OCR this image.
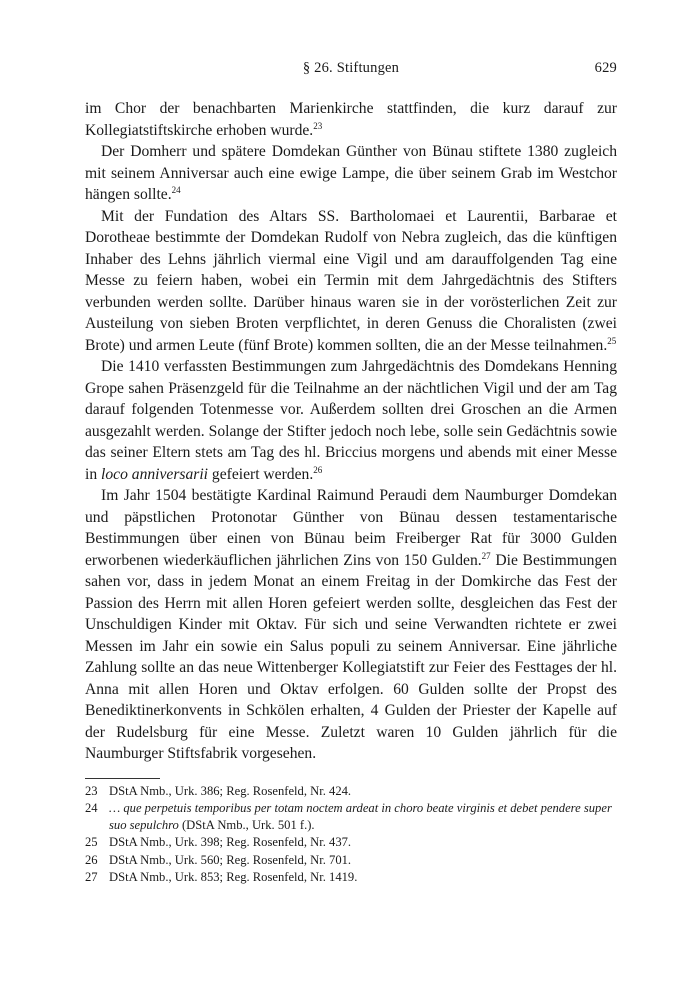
§ 26. Stiftungen	629

im Chor der benachbarten Marienkirche stattfinden, die kurz darauf zur Kollegiatstiftskirche erhoben wurde.$^{23}$

Der Domherr und spätere Domdekan Günther von Bünau stiftete 1380 zugleich mit seinem Anniversar auch eine ewige Lampe, die über seinem Grab im Westchor hängen sollte.$^{24}$

Mit der Fundation des Altars SS. Bartholomaei et Laurentii, Barbarae et Dorotheae bestimmte der Domdekan Rudolf von Nebra zugleich, das die künftigen Inhaber des Lehns jährlich viermal eine Vigil und am darauffolgenden Tag eine Messe zu feiern haben, wobei ein Termin mit dem Jahrgedächtnis des Stifters verbunden werden sollte. Darüber hinaus waren sie in der vorösterlichen Zeit zur Austeilung von sieben Broten verpflichtet, in deren Genuss die Choralisten (zwei Brote) und armen Leute (fünf Brote) kommen sollten, die an der Messe teilnahmen.$^{25}$

Die 1410 verfassten Bestimmungen zum Jahrgedächtnis des Domdekans Henning Grope sahen Präsenzgeld für die Teilnahme an der nächtlichen Vigil und der am Tag darauf folgenden Totenmesse vor. Außerdem sollten drei Groschen an die Armen ausgezahlt werden. Solange der Stifter jedoch noch lebe, solle sein Gedächtnis sowie das seiner Eltern stets am Tag des hl. Briccius morgens und abends mit einer Messe in loco anniversarii gefeiert werden.$^{26}$

Im Jahr 1504 bestätigte Kardinal Raimund Peraudi dem Naumburger Domdekan und päpstlichen Protonotar Günther von Bünau dessen testamentarische Bestimmungen über einen von Bünau beim Freiberger Rat für 3000 Gulden erworbenen wiederkäuflichen jährlichen Zins von 150 Gulden.$^{27}$ Die Bestimmungen sahen vor, dass in jedem Monat an einem Freitag in der Domkirche das Fest der Passion des Herrn mit allen Horen gefeiert werden sollte, desgleichen das Fest der Unschuldigen Kinder mit Oktav. Für sich und seine Verwandten richtete er zwei Messen im Jahr ein sowie ein Salus populi zu seinem Anniversar. Eine jährliche Zahlung sollte an das neue Wittenberger Kollegiatstift zur Feier des Festtages der hl. Anna mit allen Horen und Oktav erfolgen. 60 Gulden sollte der Propst des Benediktinerkonvents in Schkölen erhalten, 4 Gulden der Priester der Kapelle auf der Rudelsburg für eine Messe. Zuletzt waren 10 Gulden jährlich für die Naumburger Stiftsfabrik vorgesehen.

23 DStA Nmb., Urk. 386; Reg. Rosenfeld, Nr. 424.
24 … que perpetuis temporibus per totam noctem ardeat in choro beate virginis et debet pendere super suo sepulchro (DStA Nmb., Urk. 501 f.).
25 DStA Nmb., Urk. 398; Reg. Rosenfeld, Nr. 437.
26 DStA Nmb., Urk. 560; Reg. Rosenfeld, Nr. 701.
27 DStA Nmb., Urk. 853; Reg. Rosenfeld, Nr. 1419.
